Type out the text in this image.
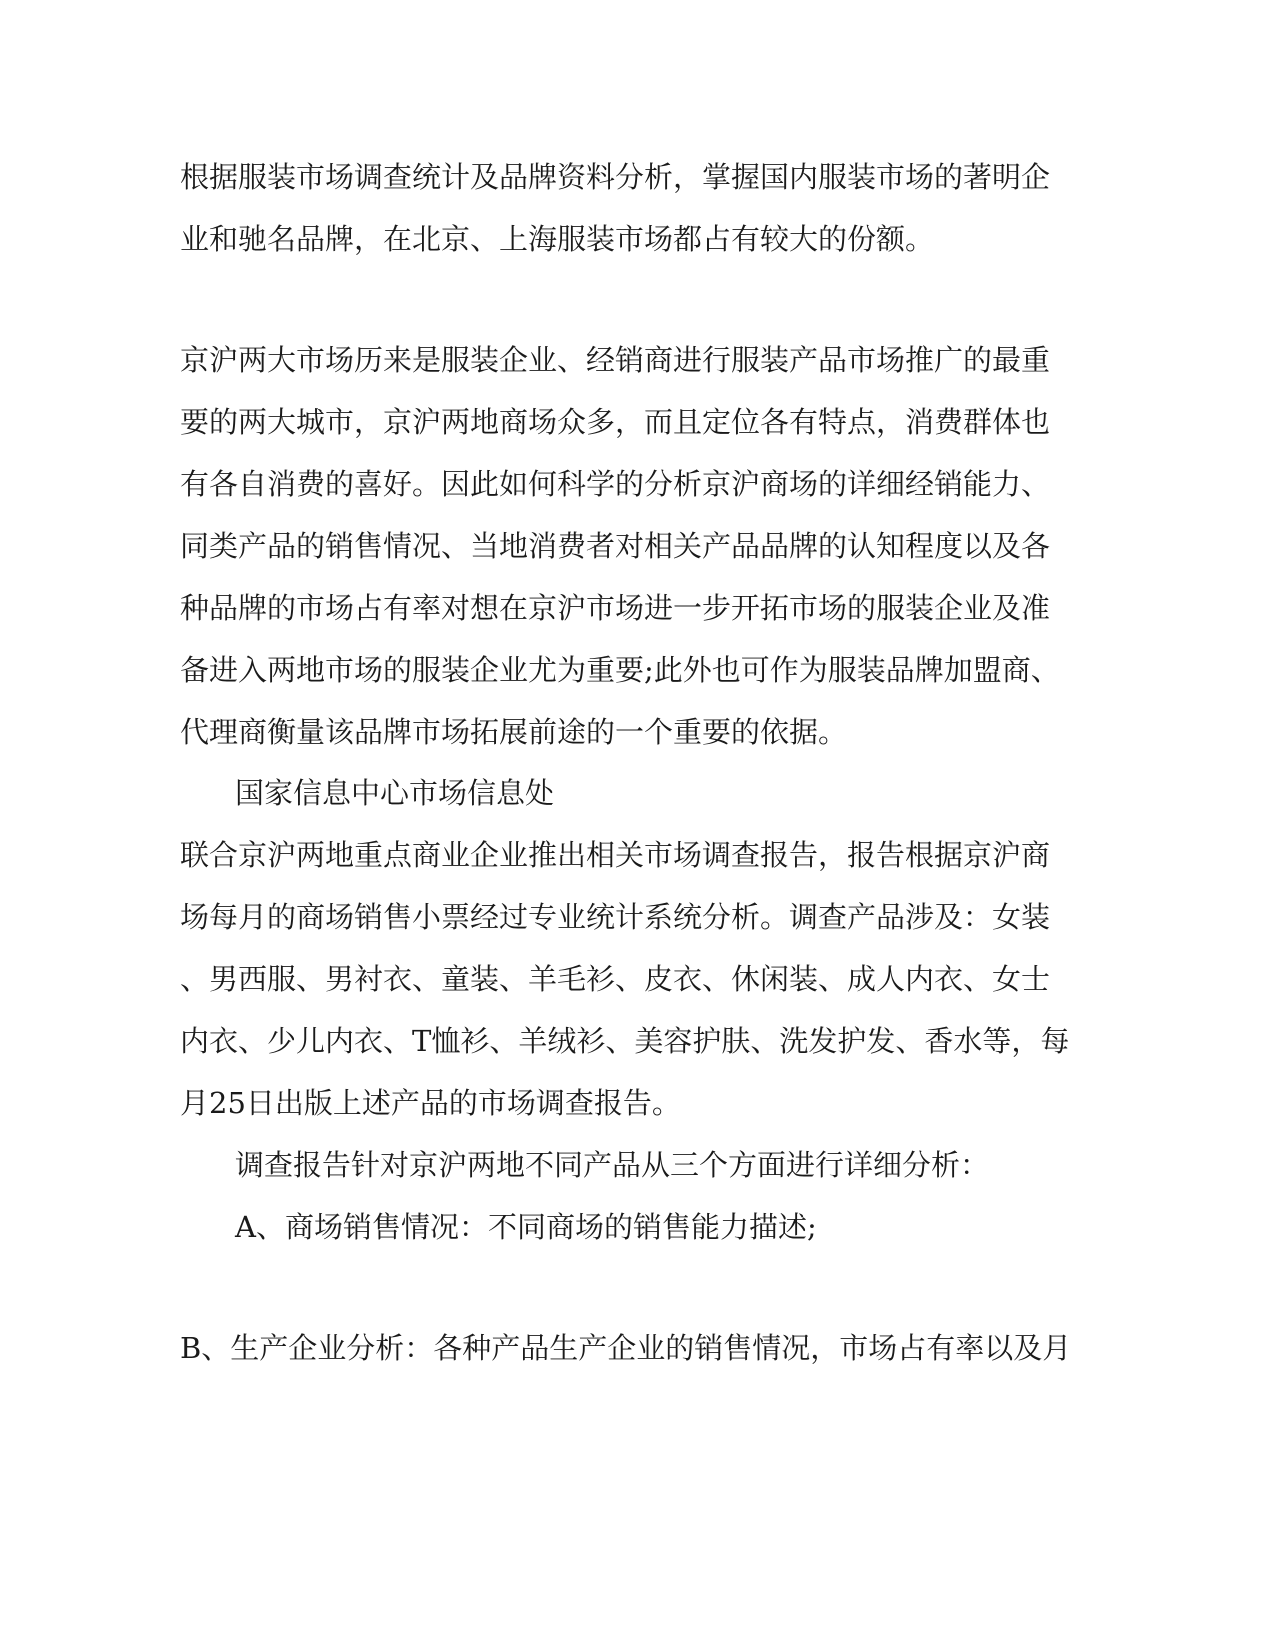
根据服装市场调查统计及品牌资料分析，掌握国内服装市场的著明企
业和驰名品牌，在北京、上海服装市场都占有较大的份额。
京沪两大市场历来是服装企业、经销商进行服装产品市场推广的最重
要的两大城市，京沪两地商场众多，而且定位各有特点，消费群体也
有各自消费的喜好。因此如何科学的分析京沪商场的详细经销能力、
同类产品的销售情况、当地消费者对相关产品品牌的认知程度以及各
种品牌的市场占有率对想在京沪市场进一步开拓市场的服装企业及准
备进入两地市场的服装企业尤为重要;此外也可作为服装品牌加盟商、
代理商衡量该品牌市场拓展前途的一个重要的依据。
国家信息中心市场信息处
联合京沪两地重点商业企业推出相关市场调查报告，报告根据京沪商
场每月的商场销售小票经过专业统计系统分析。调查产品涉及：女装
、男西服、男衬衣、童装、羊毛衫、皮衣、休闲装、成人内衣、女士
内衣、少儿内衣、T恤衫、羊绒衫、美容护肤、洗发护发、香水等，每
月25日出版上述产品的市场调查报告。
调查报告针对京沪两地不同产品从三个方面进行详细分析：
A、商场销售情况：不同商场的销售能力描述;
B、生产企业分析：各种产品生产企业的销售情况，市场占有率以及月
